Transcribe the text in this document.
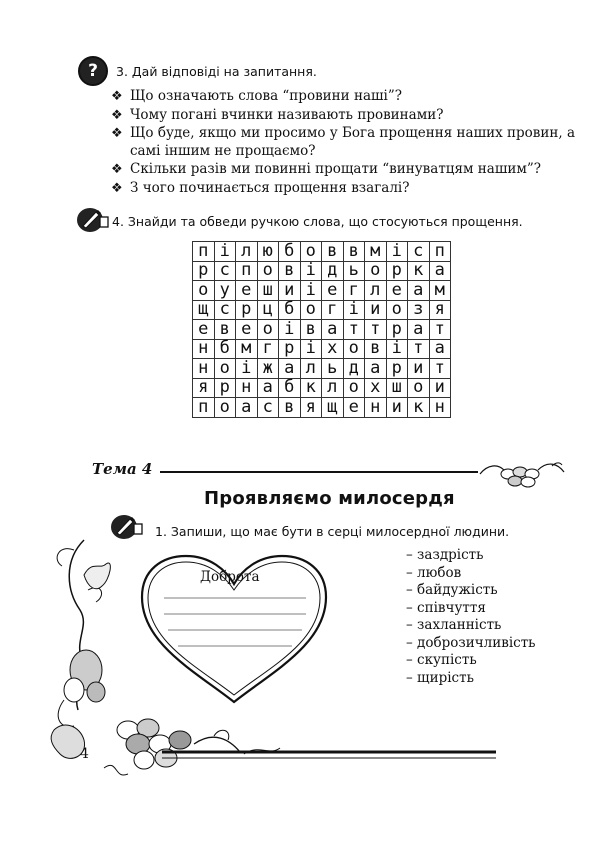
?	3. Дай відповіді на запитання.
❖ Що означають слова “провини наші”?
❖ Чому погані вчинки називають провинами?
❖ Що буде, якщо ми просимо у Бога прощення наших провин, а
самі іншим не прощаємо?
❖ Скільки разів ми повинні прощати “винуватцям нашим”?
❖ З чого починається прощення взагалі?
4. Знайди та обведи ручкою слова, що стосуються прощення.
п	і	л	ю	б	о	в	в	м	і	с	п
р	с	п	о	в	і	д	ь	о	р	к	а
о	у	е	ш	и	і	е	г	л	е	а	м
щ	с	р	ц	б	о	г	і	и	о	з	я
е	в	е	о	і	в	а	т	т	р	а	т
н	б	м	г	р	і	х	о	в	і	т	а
н	о	і	ж	а	л	ь	д	а	р	и	т
я	р	н	а	б	к	л	о	х	ш	о	и
п	о	а	с	в	я	щ	е	н	и	к	н
Тема 4
Проявляємо милосердя
1. Запиши, що має бути в серці милосердної людини.
Доброта
– заздрість
– любов
– байдужість
– співчуття
– захланність
– доброзичливість
– скупість
– щирість
4
